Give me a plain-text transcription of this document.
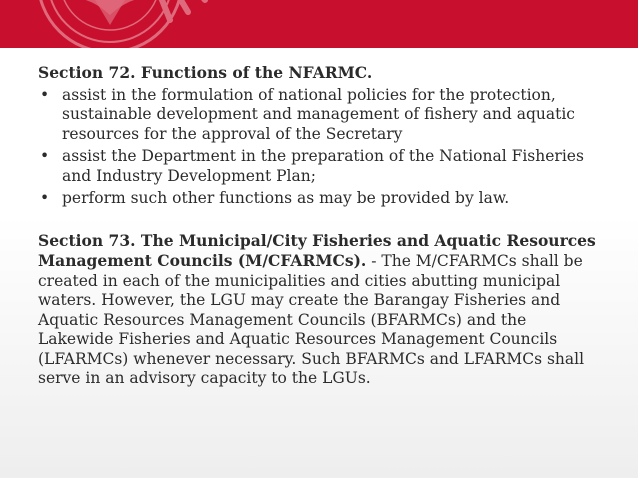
Section 72. Functions of the NFARMC.
• assist in the formulation of national policies for the protection, sustainable development and management of fishery and aquatic resources for the approval of the Secretary
• assist the Department in the preparation of the National Fisheries and Industry Development Plan;
• perform such other functions as may be provided by law.
Section 73. The Municipal/City Fisheries and Aquatic Resources Management Councils (M/CFARMCs). - The M/CFARMCs shall be created in each of the municipalities and cities abutting municipal waters. However, the LGU may create the Barangay Fisheries and Aquatic Resources Management Councils (BFARMCs) and the Lakewide Fisheries and Aquatic Resources Management Councils (LFARMCs) whenever necessary. Such BFARMCs and LFARMCs shall serve in an advisory capacity to the LGUs.
